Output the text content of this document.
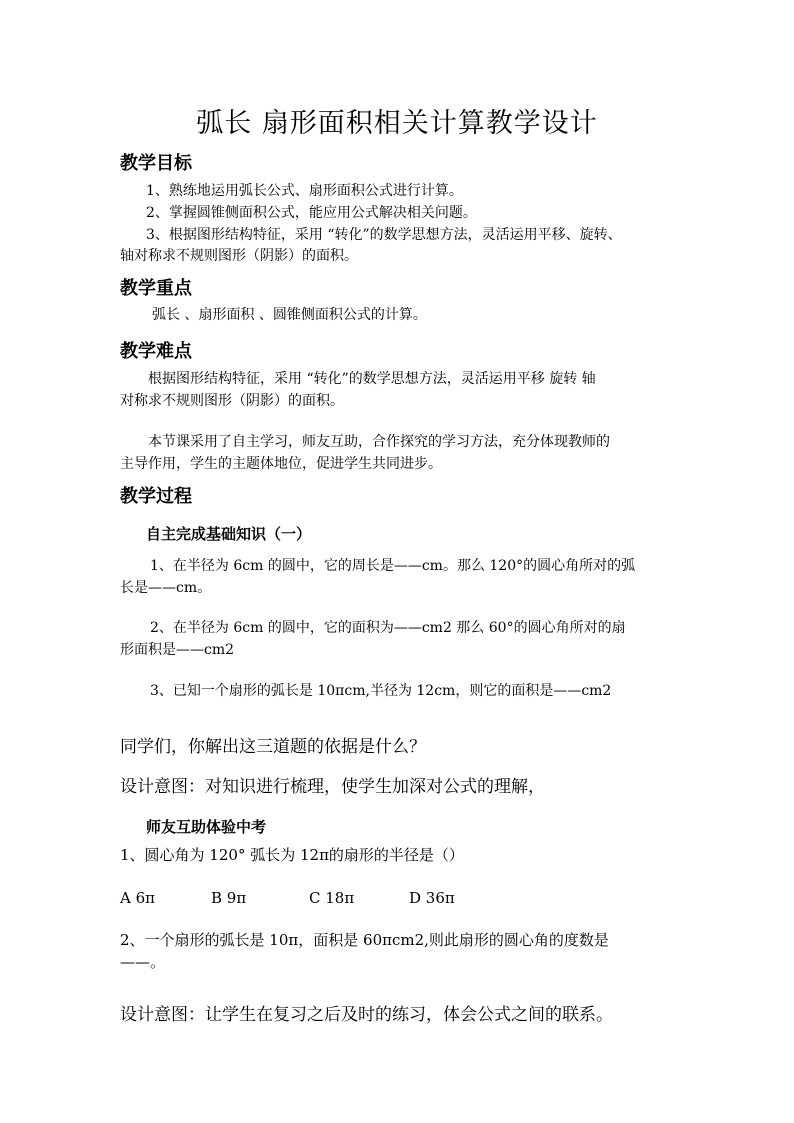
弧长 扇形面积相关计算教学设计
教学目标
1、熟练地运用弧长公式、扇形面积公式进行计算。
2、掌握圆锥侧面积公式，能应用公式解决相关问题。
3、根据图形结构特征，采用 “转化”的数学思想方法，灵活运用平移、旋转、
轴对称求不规则图形（阴影）的面积。
教学重点
弧长 、扇形面积 、圆锥侧面积公式的计算。
教学难点
根据图形结构特征，采用 “转化”的数学思想方法，灵活运用平移 旋转 轴
对称求不规则图形（阴影）的面积。
本节课采用了自主学习，师友互助，合作探究的学习方法，充分体现教师的
主导作用，学生的主题体地位，促进学生共同进步。
教学过程
自主完成基础知识（一）
1、在半径为 6cm 的圆中，它的周长是——cm。那么 120°的圆心角所对的弧
长是——cm。
2、在半径为 6cm 的圆中，它的面积为——cm2 那么 60°的圆心角所对的扇
形面积是——cm2
3、已知一个扇形的弧长是 10πcm,半径为 12cm，则它的面积是——cm2
同学们，你解出这三道题的依据是什么？
设计意图：对知识进行梳理，使学生加深对公式的理解，
师友互助体验中考
1、圆心角为 120° 弧长为 12π的扇形的半径是（）
A 6π	B 9π	C 18π	D 36π
2、一个扇形的弧长是 10π，面积是 60πcm2,则此扇形的圆心角的度数是
——。
设计意图：让学生在复习之后及时的练习，体会公式之间的联系。
